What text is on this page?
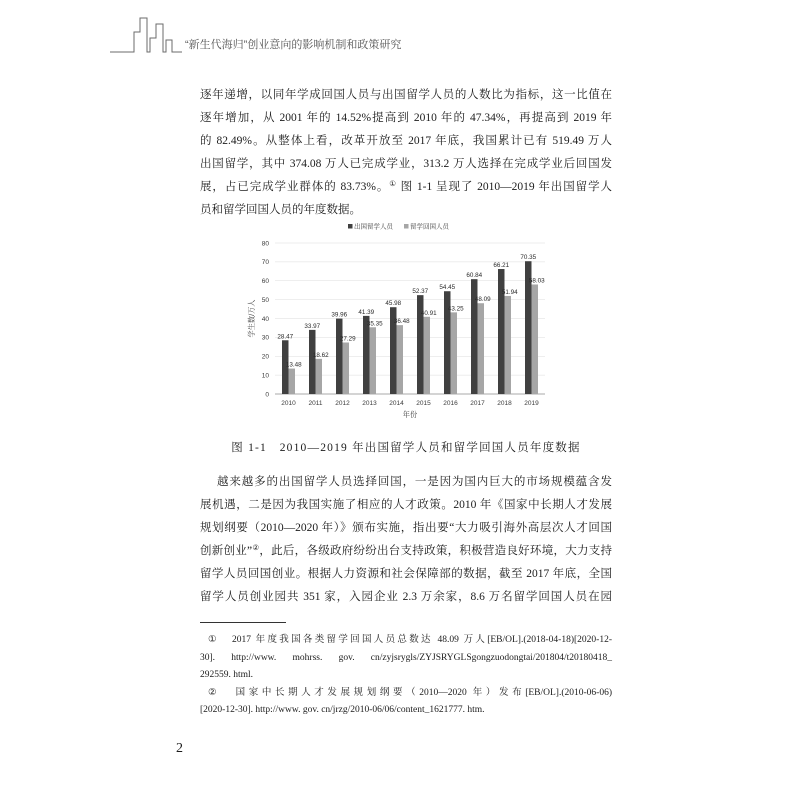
“新生代海归”创业意向的影响机制和政策研究
逐年递增，以同年学成回国人员与出国留学人员的人数比为指标，这一比值在
逐年增加，从 2001 年的 14.52%提高到 2010 年的 47.34%，再提高到 2019 年
的 82.49%。从整体上看，改革开放至 2017 年底，我国累计已有 519.49 万人
出国留学，其中 374.08 万人已完成学业，313.2 万人选择在完成学业后回国发
展，占已完成学业群体的 83.73%。① 图 1-1 呈现了 2010—2019 年出国留学人
员和留学回国人员的年度数据。
0
10
20
30
40
50
60
70
80
28.47
13.48
2010
33.97
18.62
2011
39.96
27.29
2012
41.39
35.35
2013
45.98
36.48
2014
52.37
40.91
2015
54.45
43.25
2016
60.84
48.09
2017
66.21
51.94
2018
70.35
58.03
2019
年份
学生数/万人
出国留学人员	留学回国人员
图 1-1　2010—2019 年出国留学人员和留学回国人员年度数据
越来越多的出国留学人员选择回国，一是因为国内巨大的市场规模蕴含发
展机遇，二是因为我国实施了相应的人才政策。2010 年《国家中长期人才发展
规划纲要（2010—2020 年）》颁布实施，指出要“大力吸引海外高层次人才回国
创新创业”②，此后，各级政府纷纷出台支持政策，积极营造良好环境，大力支持
留学人员回国创业。根据人力资源和社会保障部的数据，截至 2017 年底，全国
留学人员创业园共 351 家，入园企业 2.3 万余家，8.6 万名留学回国人员在园
① 2017 年度我国各类留学回国人员总数达 48.09 万人[EB/OL].(2018-04-18)[2020-12-
30]. http://www. mohrss. gov. cn/zyjsrygls/ZYJSRYGLSgongzuodongtai/201804/t20180418_
292559. html.
② 国家中长期人才发展规划纲要（2010—2020 年）发布[EB/OL].(2010-06-06)
[2020-12-30]. http://www. gov. cn/jrzg/2010-06/06/content_1621777. htm.
2
